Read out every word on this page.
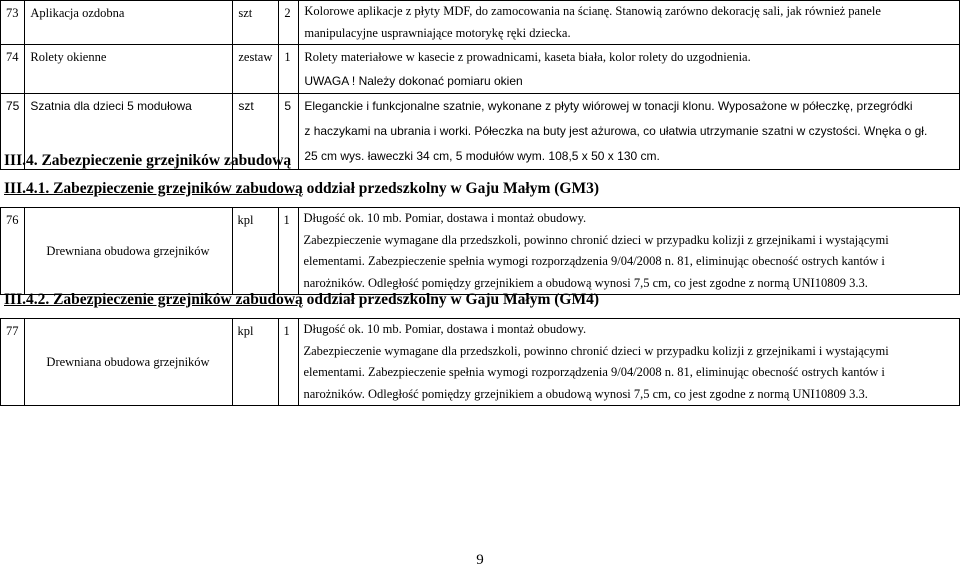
73	Aplikacja ozdobna	szt	2	Kolorowe aplikacje z płyty MDF, do zamocowania na ścianę. Stanowią zarówno dekorację sali, jak również panele
manipulacyjne usprawniające motorykę ręki dziecka.

74	Rolety okienne	zestaw	1	Rolety materiałowe w kasecie z prowadnicami, kaseta biała, kolor rolety do uzgodnienia.
UWAGA ! Należy dokonać pomiaru okien

75	Szatnia dla dzieci 5 modułowa	szt	5	Eleganckie i funkcjonalne szatnie, wykonane z płyty wiórowej w tonacji klonu. Wyposażone w półeczkę, przegródki
z haczykami na ubrania i worki. Półeczka na buty jest ażurowa, co ułatwia utrzymanie szatni w czystości. Wnęka o gł.
25 cm wys. ławeczki 34 cm, 5 modułów wym. 108,5 x 50 x 130 cm.
III.4. Zabezpieczenie grzejników zabudową
III.4.1. Zabezpieczenie grzejników zabudową oddział przedszkolny w Gaju Małym (GM3)
76	Drewniana obudowa grzejników	kpl	1	Długość ok. 10 mb. Pomiar, dostawa i montaż obudowy.
Zabezpieczenie wymagane dla przedszkoli, powinno chronić dzieci w przypadku kolizji z grzejnikami i wystającymi
elementami. Zabezpieczenie spełnia wymogi rozporządzenia 9/04/2008 n. 81, eliminując obecność ostrych kantów i
narożników. Odległość pomiędzy grzejnikiem a obudową wynosi 7,5 cm, co jest zgodne z normą UNI10809 3.3.
III.4.2. Zabezpieczenie grzejników zabudową oddział przedszkolny w Gaju Małym (GM4)
77	Drewniana obudowa grzejników	kpl	1	Długość ok. 10 mb. Pomiar, dostawa i montaż obudowy.
Zabezpieczenie wymagane dla przedszkoli, powinno chronić dzieci w przypadku kolizji z grzejnikami i wystającymi
elementami. Zabezpieczenie spełnia wymogi rozporządzenia 9/04/2008 n. 81, eliminując obecność ostrych kantów i
narożników. Odległość pomiędzy grzejnikiem a obudową wynosi 7,5 cm, co jest zgodne z normą UNI10809 3.3.
9
